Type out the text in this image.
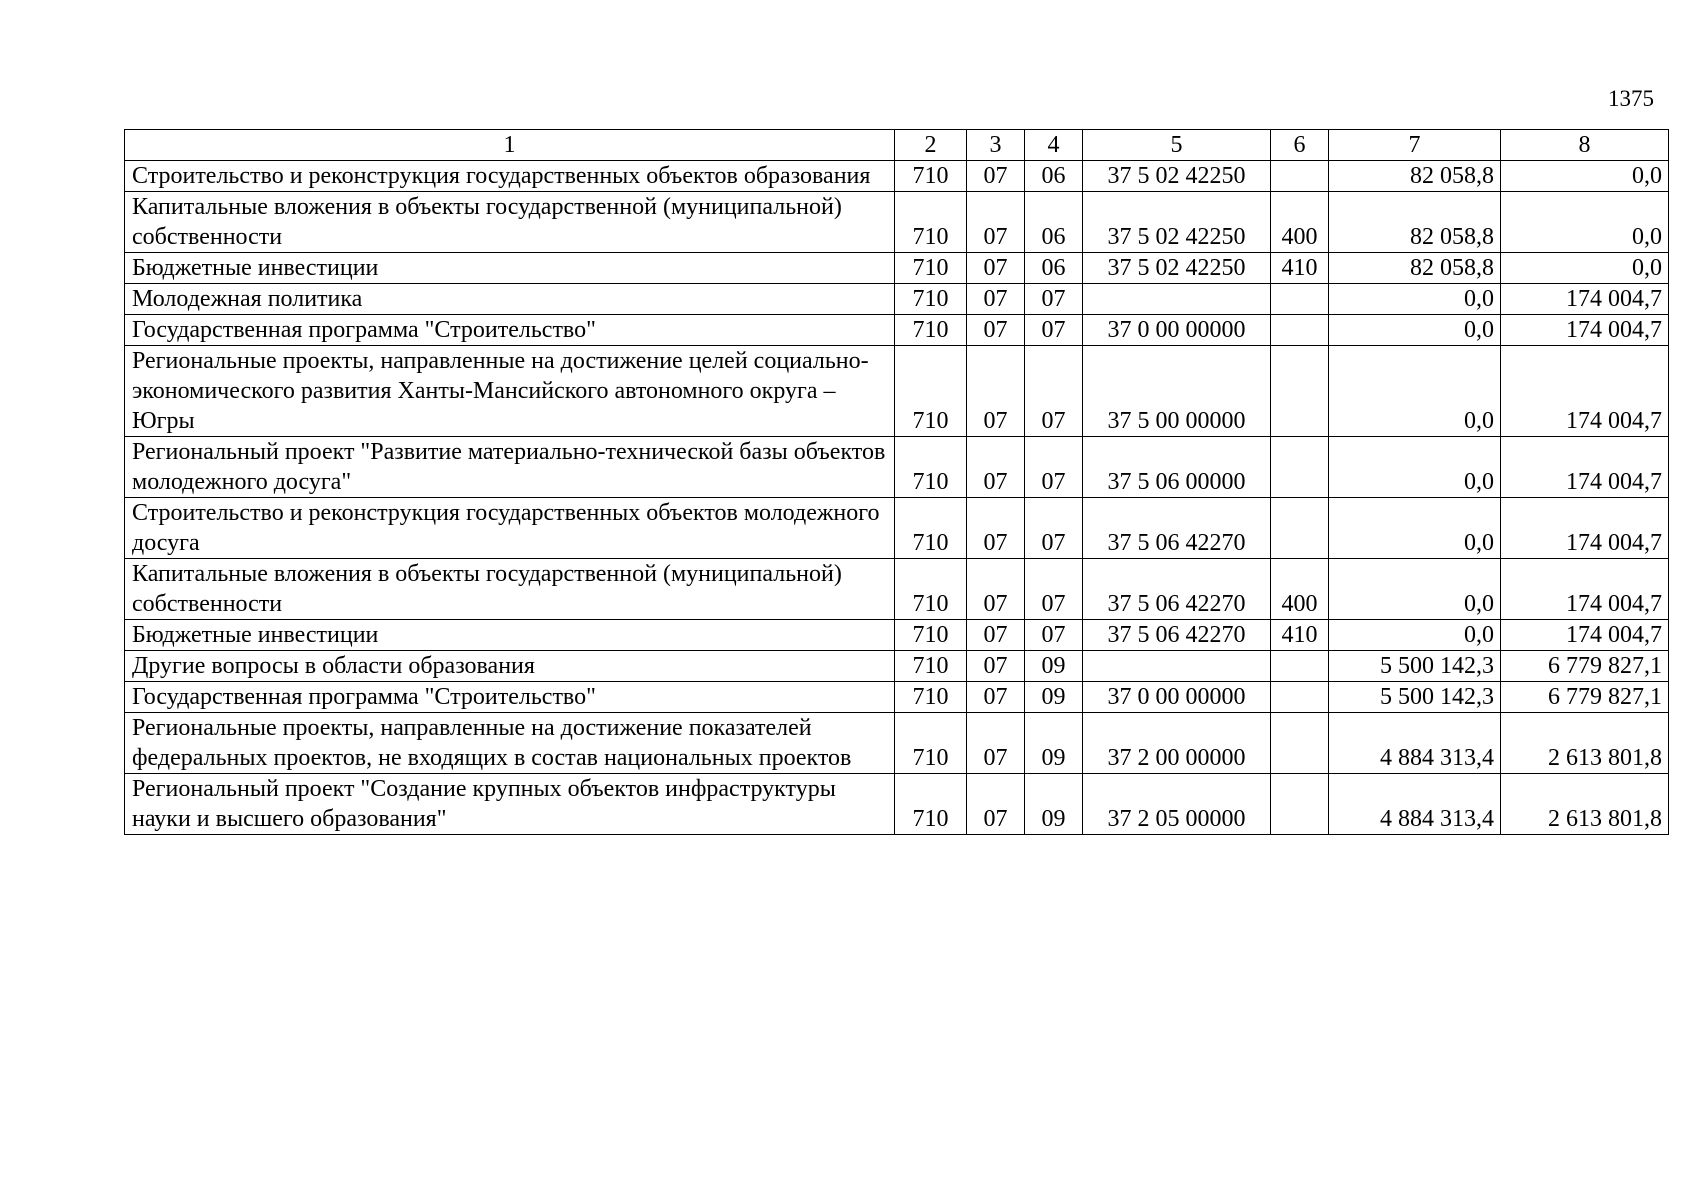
1375
1	2	3	4	5	6	7	8
Строительство и реконструкция государственных объектов образования	710	07	06	37 5 02 42250		82 058,8	0,0
Капитальные вложения в объекты государственной (муниципальной) собственности	710	07	06	37 5 02 42250	400	82 058,8	0,0
Бюджетные инвестиции	710	07	06	37 5 02 42250	410	82 058,8	0,0
Молодежная политика	710	07	07			0,0	174 004,7
Государственная программа "Строительство"	710	07	07	37 0 00 00000		0,0	174 004,7
Региональные проекты, направленные на достижение целей социально-экономического развития Ханты-Мансийского автономного округа – Югры	710	07	07	37 5 00 00000		0,0	174 004,7
Региональный проект "Развитие материально-технической базы объектов молодежного досуга"	710	07	07	37 5 06 00000		0,0	174 004,7
Строительство и реконструкция государственных объектов молодежного досуга	710	07	07	37 5 06 42270		0,0	174 004,7
Капитальные вложения в объекты государственной (муниципальной) собственности	710	07	07	37 5 06 42270	400	0,0	174 004,7
Бюджетные инвестиции	710	07	07	37 5 06 42270	410	0,0	174 004,7
Другие вопросы в области образования	710	07	09			5 500 142,3	6 779 827,1
Государственная программа "Строительство"	710	07	09	37 0 00 00000		5 500 142,3	6 779 827,1
Региональные проекты, направленные на достижение показателей федеральных проектов, не входящих в состав национальных проектов	710	07	09	37 2 00 00000		4 884 313,4	2 613 801,8
Региональный проект "Создание крупных объектов инфраструктуры науки и высшего образования"	710	07	09	37 2 05 00000		4 884 313,4	2 613 801,8
